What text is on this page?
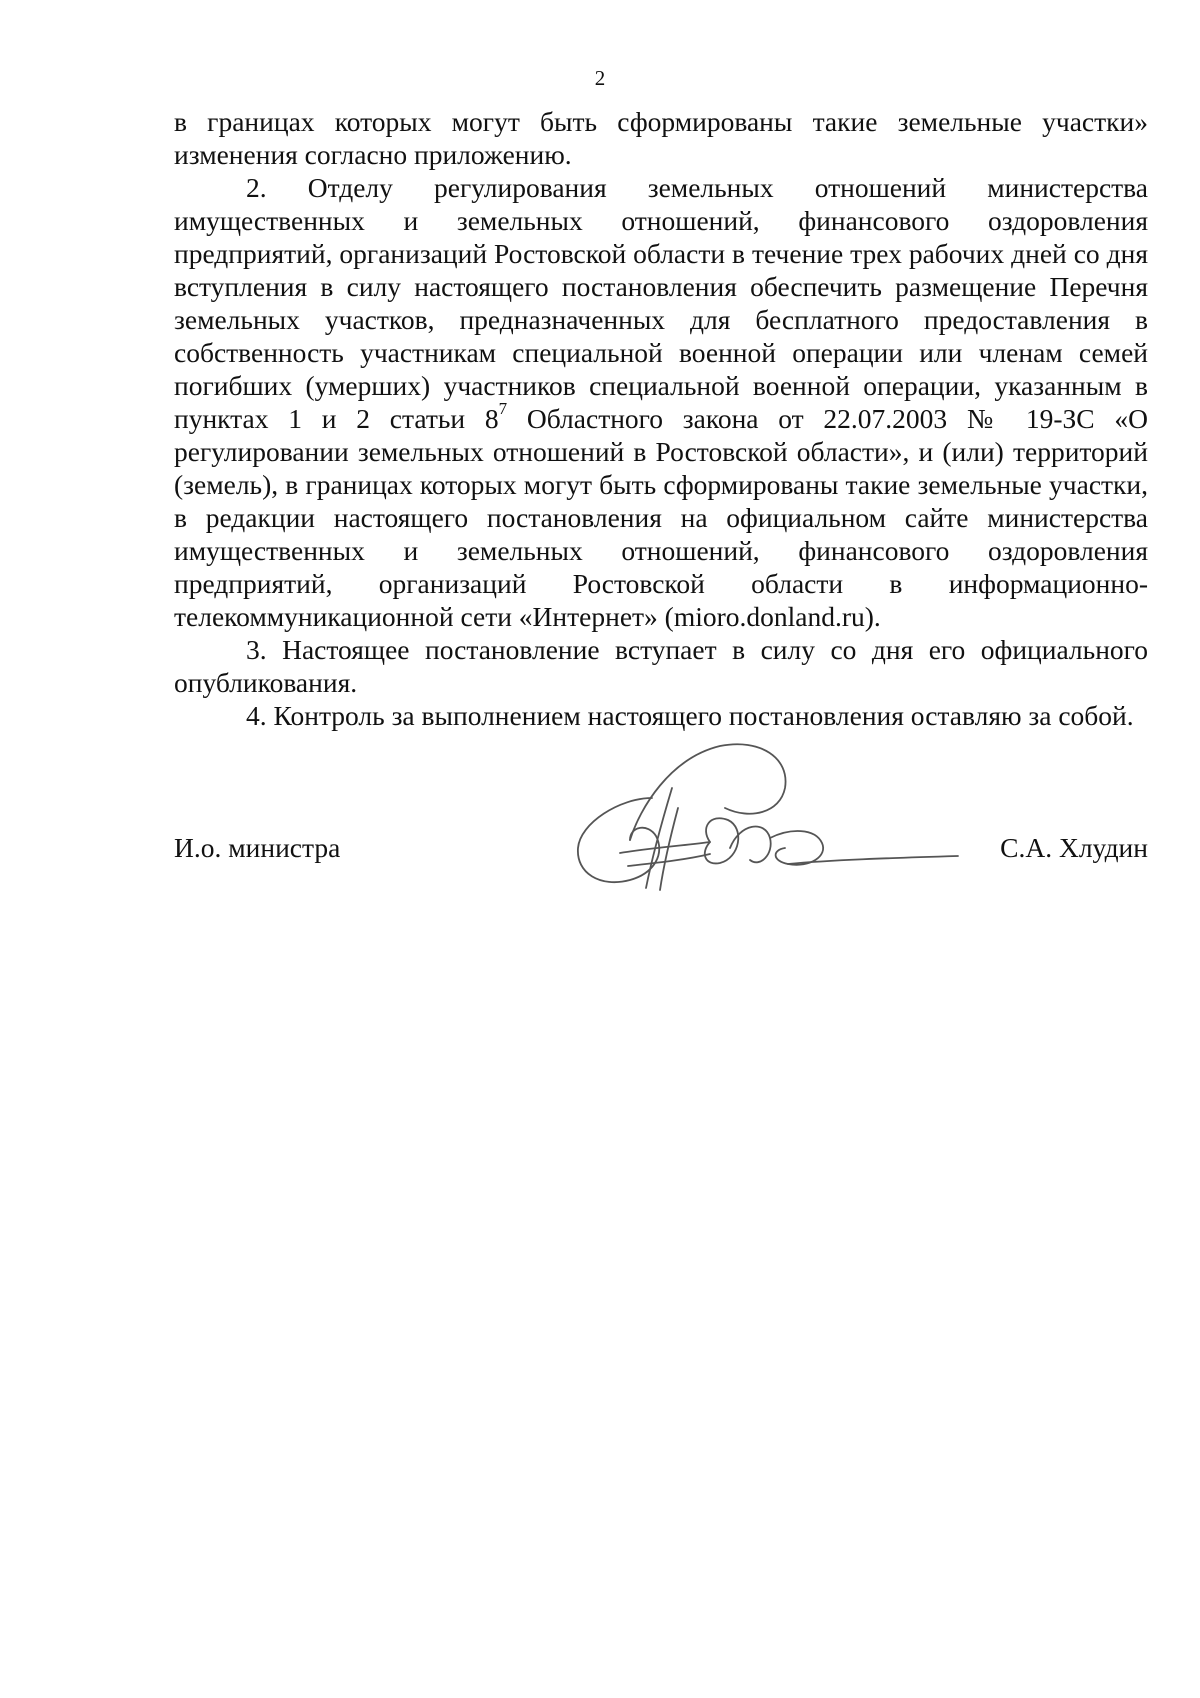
2

в границах которых могут быть сформированы такие земельные участки» изменения согласно приложению.

2. Отделу регулирования земельных отношений министерства имущественных и земельных отношений, финансового оздоровления предприятий, организаций Ростовской области в течение трех рабочих дней со дня вступления в силу настоящего постановления обеспечить размещение Перечня земельных участков, предназначенных для бесплатного предоставления в собственность участникам специальной военной операции или членам семей погибших (умерших) участников специальной военной операции, указанным в пунктах 1 и 2 статьи $8^7$ Областного закона от 22.07.2003 № 19-ЗС «О регулировании земельных отношений в Ростовской области», и (или) территорий (земель), в границах которых могут быть сформированы такие земельные участки, в редакции настоящего постановления на официальном сайте министерства имущественных и земельных отношений, финансового оздоровления предприятий, организаций Ростовской области в информационно-телекоммуникационной сети «Интернет» (mioro.donland.ru).

3. Настоящее постановление вступает в силу со дня его официального опубликования.

4. Контроль за выполнением настоящего постановления оставляю за собой.

И.о. министра	С.А. Хлудин
